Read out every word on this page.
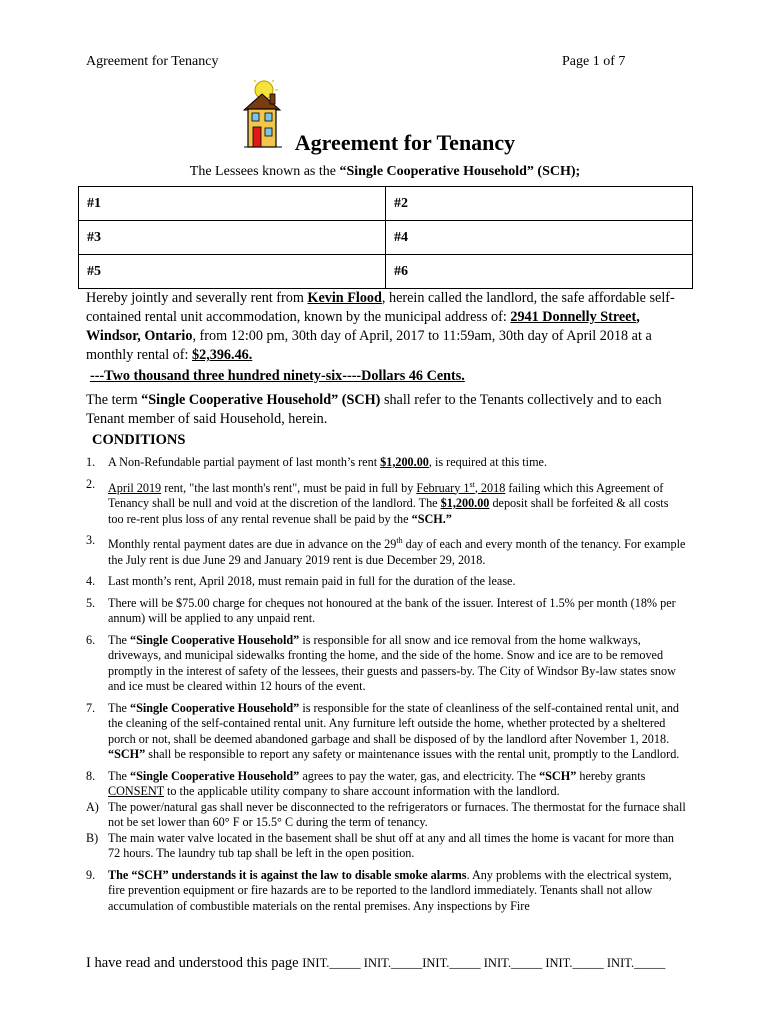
Agreement for Tenancy	Page 1 of 7
Agreement for Tenancy
The Lessees known as the “Single Cooperative Household” (SCH);
#1	#2
#3	#4
#5	#6
Hereby jointly and severally rent from Kevin Flood, herein called the landlord, the safe affordable self-contained rental unit accommodation, known by the municipal address of: 2941 Donnelly Street, Windsor, Ontario, from 12:00 pm, 30th day of April, 2017 to 11:59am, 30th day of April 2018 at a monthly rental of: $2,396.46.
---Two thousand three hundred ninety-six----Dollars 46 Cents.
The term “Single Cooperative Household” (SCH) shall refer to the Tenants collectively and to each Tenant member of said Household, herein.
CONDITIONS
1.	A Non-Refundable partial payment of last month’s rent $1,200.00, is required at this time.
2.	April 2019 rent, "the last month's rent", must be paid in full by February 1st, 2018 failing which this Agreement of Tenancy shall be null and void at the discretion of the landlord. The $1,200.00 deposit shall be forfeited & all costs too re-rent plus loss of any rental revenue shall be paid by the “SCH.”
3.	Monthly rental payment dates are due in advance on the 29th day of each and every month of the tenancy. For example the July rent is due June 29 and January 2019 rent is due December 29, 2018.
4.	Last month’s rent, April 2018, must remain paid in full for the duration of the lease.
5.	There will be $75.00 charge for cheques not honoured at the bank of the issuer. Interest of 1.5% per month (18% per annum) will be applied to any unpaid rent.
6.	The “Single Cooperative Household” is responsible for all snow and ice removal from the home walkways, driveways, and municipal sidewalks fronting the home, and the side of the home. Snow and ice are to be removed promptly in the interest of safety of the lessees, their guests and passers-by. The City of Windsor By-law states snow and ice must be cleared within 12 hours of the event.
7.	The “Single Cooperative Household” is responsible for the state of cleanliness of the self-contained rental unit, and the cleaning of the self-contained rental unit. Any furniture left outside the home, whether protected by a sheltered porch or not, shall be deemed abandoned garbage and shall be disposed of by the landlord after November 1, 2018. “SCH” shall be responsible to report any safety or maintenance issues with the rental unit, promptly to the Landlord.
8.	The “Single Cooperative Household” agrees to pay the water, gas, and electricity. The “SCH” hereby grants CONSENT to the applicable utility company to share account information with the landlord.
A) The power/natural gas shall never be disconnected to the refrigerators or furnaces. The thermostat for the furnace shall not be set lower than 60° F or 15.5° C during the term of tenancy.
B) The main water valve located in the basement shall be shut off at any and all times the home is vacant for more than 72 hours. The laundry tub tap shall be left in the open position.
9.	The “SCH” understands it is against the law to disable smoke alarms. Any problems with the electrical system, fire prevention equipment or fire hazards are to be reported to the landlord immediately. Tenants shall not allow accumulation of combustible materials on the rental premises. Any inspections by Fire
I have read and understood this page INIT._____ INIT._____INIT._____ INIT._____ INIT._____ INIT._____
